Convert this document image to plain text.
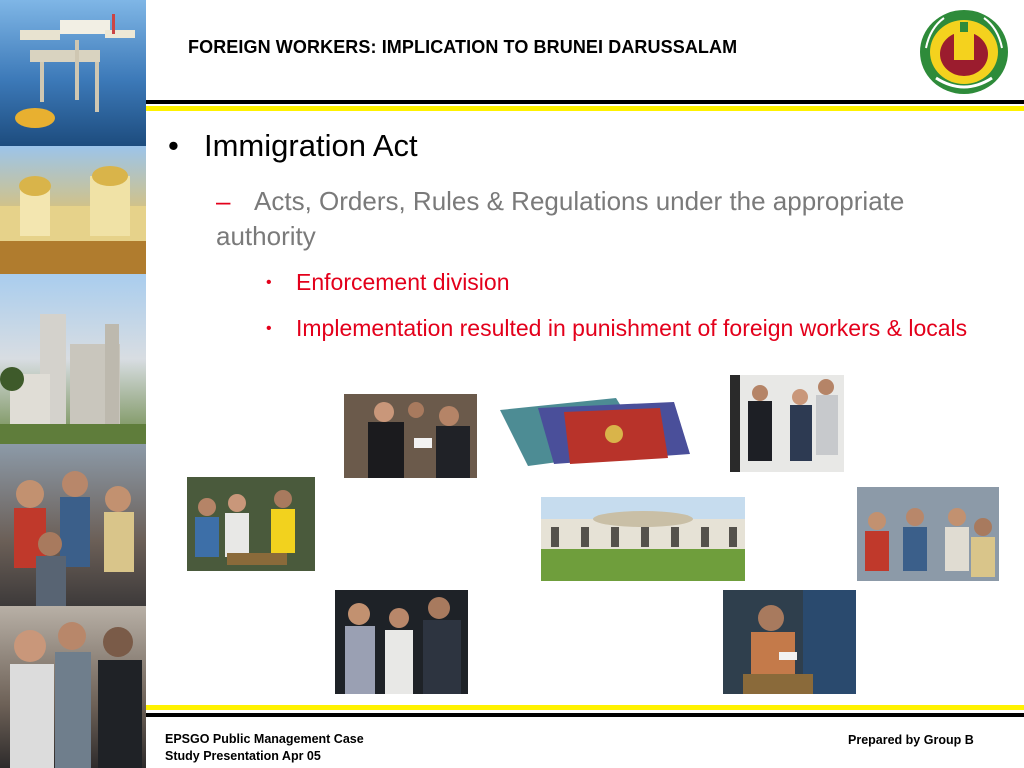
FOREIGN WORKERS: IMPLICATION TO BRUNEI DARUSSALAM
• Immigration Act
– Acts, Orders, Rules & Regulations under the appropriate authority
• Enforcement division
• Implementation resulted in punishment of foreign workers & locals
EPSGO Public Management Case
Study Presentation Apr 05
Prepared by Group B
